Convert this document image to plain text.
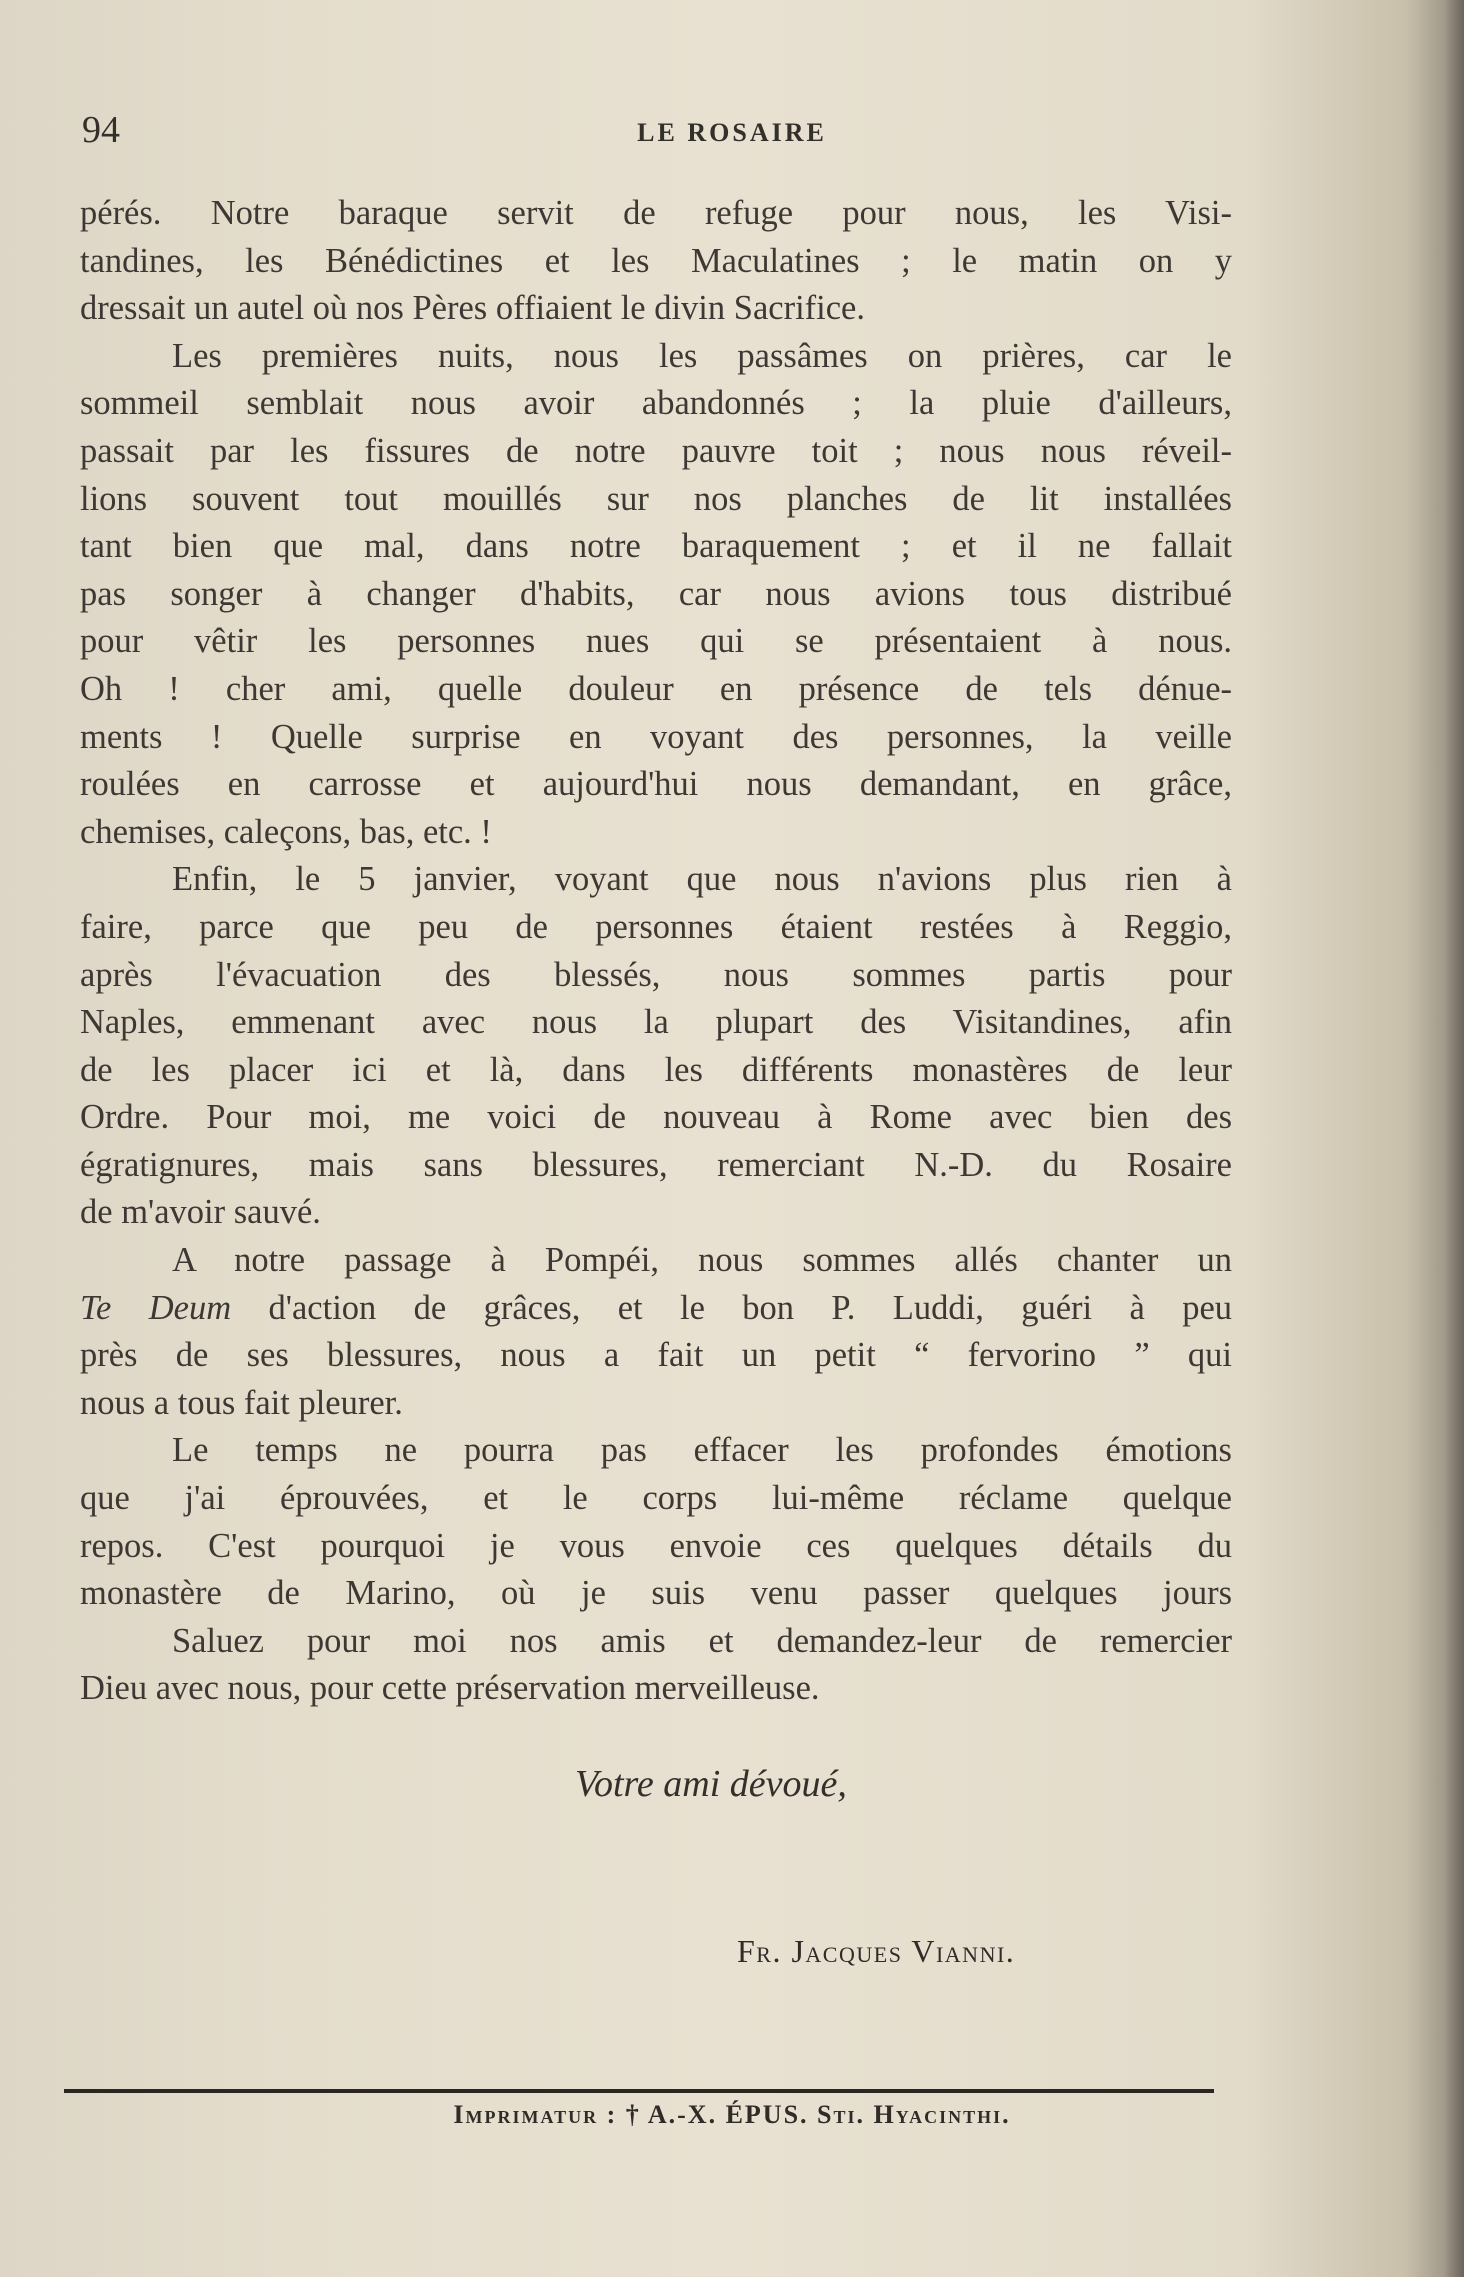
94	LE ROSAIRE
pérés. Notre baraque servit de refuge pour nous, les Visi-
tandines, les Bénédictines et les Maculatines ; le matin on y
dressait un autel où nos Pères offiaient le divin Sacrifice.
Les premières nuits, nous les passâmes on prières, car le
sommeil semblait nous avoir abandonnés ; la pluie d'ailleurs,
passait par les fissures de notre pauvre toit ; nous nous réveil-
lions souvent tout mouillés sur nos planches de lit installées
tant bien que mal, dans notre baraquement ; et il ne fallait
pas songer à changer d'habits, car nous avions tous distribué
pour vêtir les personnes nues qui se présentaient à nous.
Oh ! cher ami, quelle douleur en présence de tels dénue-
ments ! Quelle surprise en voyant des personnes, la veille
roulées en carrosse et aujourd'hui nous demandant, en grâce,
chemises, caleçons, bas, etc. !
Enfin, le 5 janvier, voyant que nous n'avions plus rien à
faire, parce que peu de personnes étaient restées à Reggio,
après l'évacuation des blessés, nous sommes partis pour
Naples, emmenant avec nous la plupart des Visitandines, afin
de les placer ici et là, dans les différents monastères de leur
Ordre. Pour moi, me voici de nouveau à Rome avec bien des
égratignures, mais sans blessures, remerciant N.-D. du Rosaire
de m'avoir sauvé.
A notre passage à Pompéi, nous sommes allés chanter un
Te Deum d'action de grâces, et le bon P. Luddi, guéri à peu
près de ses blessures, nous a fait un petit “ fervorino ” qui
nous a tous fait pleurer.
Le temps ne pourra pas effacer les profondes émotions
que j'ai éprouvées, et le corps lui-même réclame quelque
repos. C'est pourquoi je vous envoie ces quelques détails du
monastère de Marino, où je suis venu passer quelques jours
Saluez pour moi nos amis et demandez-leur de remercier
Dieu avec nous, pour cette préservation merveilleuse.
Votre ami dévoué,
Fr. Jacques Vianni.
Imprimatur : † A.-X. ÉPUS. Sti. Hyacinthi.
